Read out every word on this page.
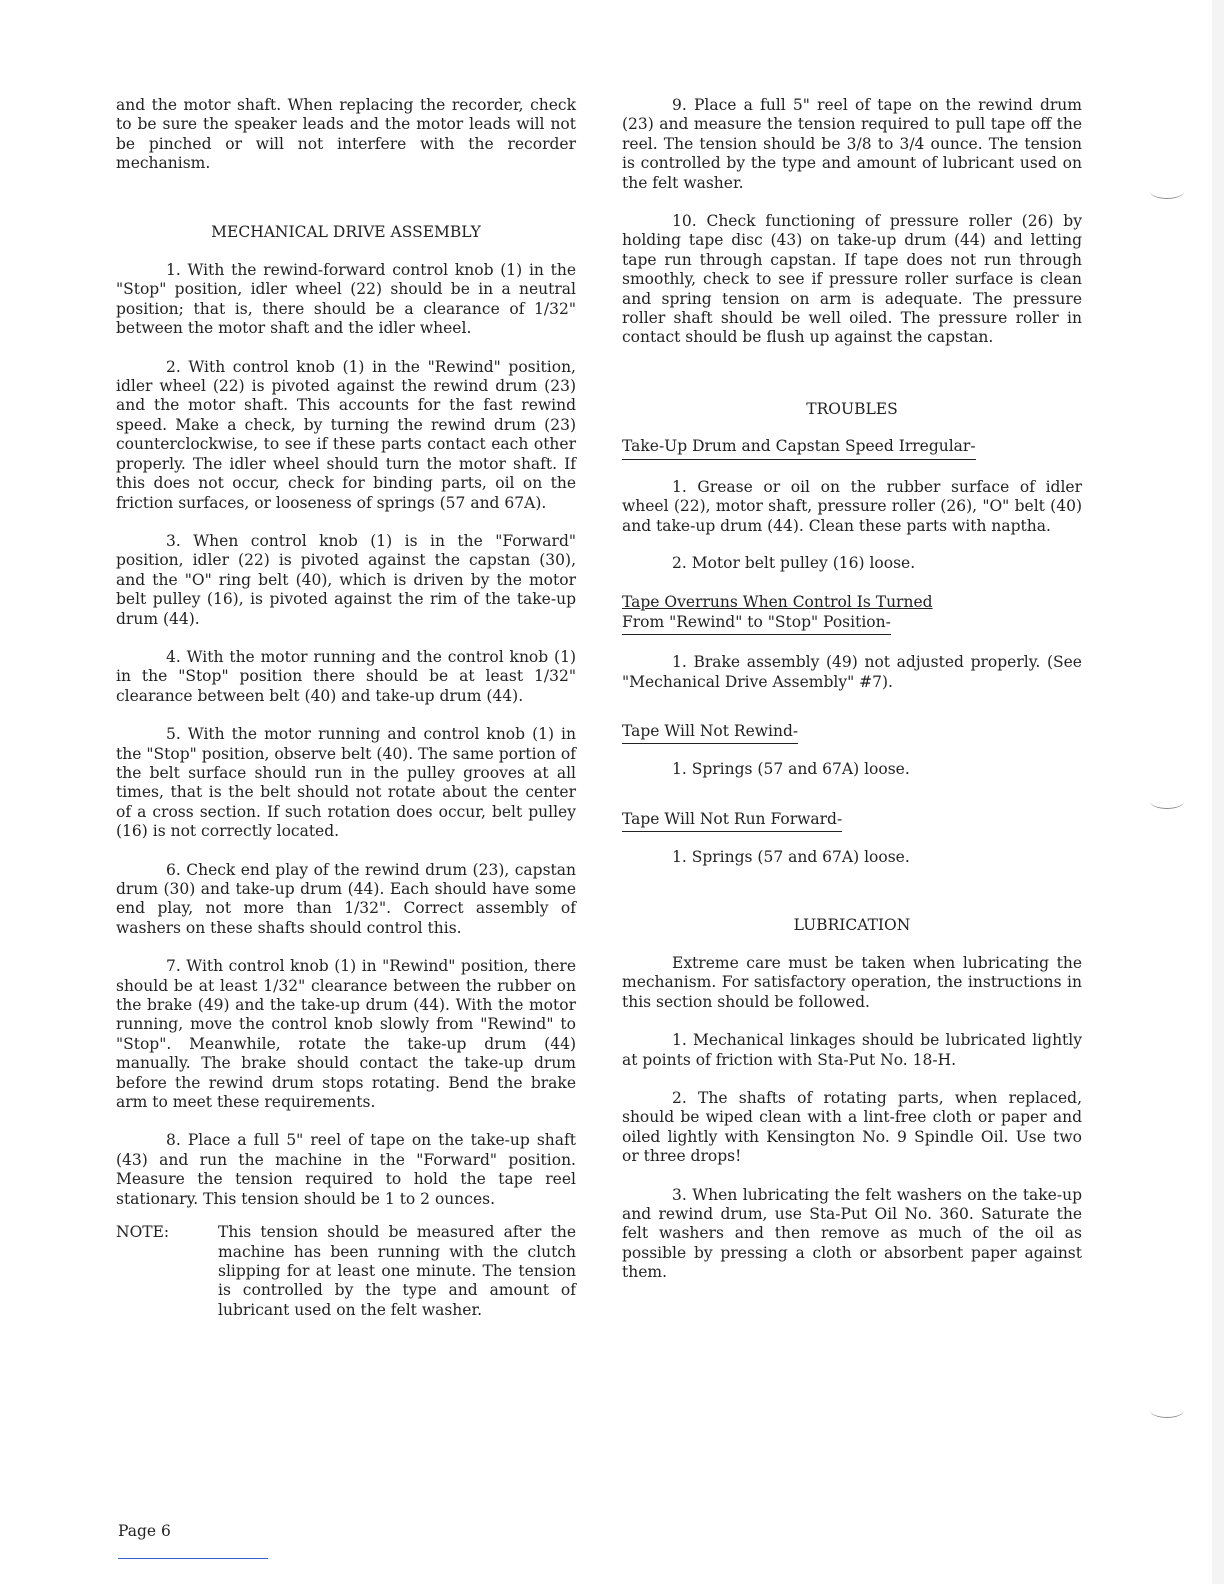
and the motor shaft. When replacing the recorder, check to be sure the speaker leads and the motor leads will not be pinched or will not interfere with the recorder mechanism.

MECHANICAL DRIVE ASSEMBLY

1. With the rewind-forward control knob (1) in the "Stop" position, idler wheel (22) should be in a neutral position; that is, there should be a clearance of 1/32" between the motor shaft and the idler wheel.

2. With control knob (1) in the "Rewind" position, idler wheel (22) is pivoted against the rewind drum (23) and the motor shaft. This accounts for the fast rewind speed. Make a check, by turning the rewind drum (23) counterclockwise, to see if these parts contact each other properly. The idler wheel should turn the motor shaft. If this does not occur, check for binding parts, oil on the friction surfaces, or looseness of springs (57 and 67A).

3. When control knob (1) is in the "Forward" position, idler (22) is pivoted against the capstan (30), and the "O" ring belt (40), which is driven by the motor belt pulley (16), is pivoted against the rim of the take-up drum (44).

4. With the motor running and the control knob (1) in the "Stop" position there should be at least 1/32" clearance between belt (40) and take-up drum (44).

5. With the motor running and control knob (1) in the "Stop" position, observe belt (40). The same portion of the belt surface should run in the pulley grooves at all times, that is the belt should not rotate about the center of a cross section. If such rotation does occur, belt pulley (16) is not correctly located.

6. Check end play of the rewind drum (23), capstan drum (30) and take-up drum (44). Each should have some end play, not more than 1/32". Correct assembly of washers on these shafts should control this.

7. With control knob (1) in "Rewind" position, there should be at least 1/32" clearance between the rubber on the brake (49) and the take-up drum (44). With the motor running, move the control knob slowly from "Rewind" to "Stop". Meanwhile, rotate the take-up drum (44) manually. The brake should contact the take-up drum before the rewind drum stops rotating. Bend the brake arm to meet these requirements.

8. Place a full 5" reel of tape on the take-up shaft (43) and run the machine in the "Forward" position. Measure the tension required to hold the tape reel stationary. This tension should be 1 to 2 ounces.

NOTE:	This tension should be measured after the machine has been running with the clutch slipping for at least one minute. The tension is controlled by the type and amount of lubricant used on the felt washer.

9. Place a full 5" reel of tape on the rewind drum (23) and measure the tension required to pull tape off the reel. The tension should be 3/8 to 3/4 ounce. The tension is controlled by the type and amount of lubricant used on the felt washer.

10. Check functioning of pressure roller (26) by holding tape disc (43) on take-up drum (44) and letting tape run through capstan. If tape does not run through smoothly, check to see if pressure roller surface is clean and spring tension on arm is adequate. The pressure roller shaft should be well oiled. The pressure roller in contact should be flush up against the capstan.

TROUBLES

Take-Up Drum and Capstan Speed Irregular-

1. Grease or oil on the rubber surface of idler wheel (22), motor shaft, pressure roller (26), "O" belt (40) and take-up drum (44). Clean these parts with naptha.

2. Motor belt pulley (16) loose.

Tape Overruns When Control Is Turned
From "Rewind" to "Stop" Position-

1. Brake assembly (49) not adjusted properly. (See "Mechanical Drive Assembly" #7).

Tape Will Not Rewind-

1. Springs (57 and 67A) loose.

Tape Will Not Run Forward-

1. Springs (57 and 67A) loose.

LUBRICATION

Extreme care must be taken when lubricating the mechanism. For satisfactory operation, the instructions in this section should be followed.

1. Mechanical linkages should be lubricated lightly at points of friction with Sta-Put No. 18-H.

2. The shafts of rotating parts, when replaced, should be wiped clean with a lint-free cloth or paper and oiled lightly with Kensington No. 9 Spindle Oil. Use two or three drops!

3. When lubricating the felt washers on the take-up and rewind drum, use Sta-Put Oil No. 360. Saturate the felt washers and then remove as much of the oil as possible by pressing a cloth or absorbent paper against them.

Page 6
